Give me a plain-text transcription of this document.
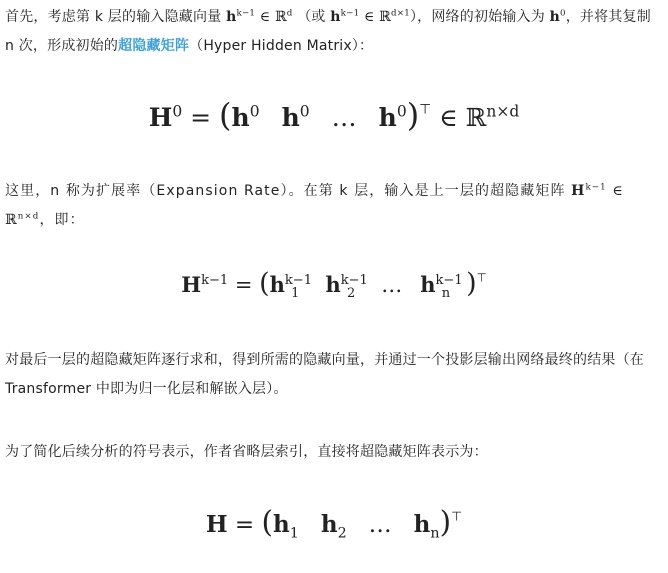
首先，考虑第 k 层的输入隐藏向量 $h^{k-1}$ ∈ ℝ$^d$ （或 $h^{k-1}$ ∈ ℝ$^{d\times 1}$），网络的初始输入为 $h^0$，并将其复制 n 次，形成初始的超隐藏矩阵（Hyper Hidden Matrix）：

$H^0 = (h^0$ $h^0$ … $h^0)^⊤$ ∈ ℝ$^{n\times d}$

这里，n 称为扩展率（Expansion Rate）。在第 k 层，输入是上一层的超隐藏矩阵 $H^{k-1}$ ∈ ℝ$^{n\times d}$，即：

$H^{k-1} = (h^{k-1}_1$ $h^{k-1}_2$ … $h^{k-1}_n$ )⊤

对最后一层的超隐藏矩阵逐行求和，得到所需的隐藏向量，并通过一个投影层输出网络最终的结果（在 Transformer 中即为归一化层和解嵌入层）。

为了简化后续分析的符号表示，作者省略层索引，直接将超隐藏矩阵表示为：

$H = (h_1$ $h_2$ … $h_n)^⊤$
